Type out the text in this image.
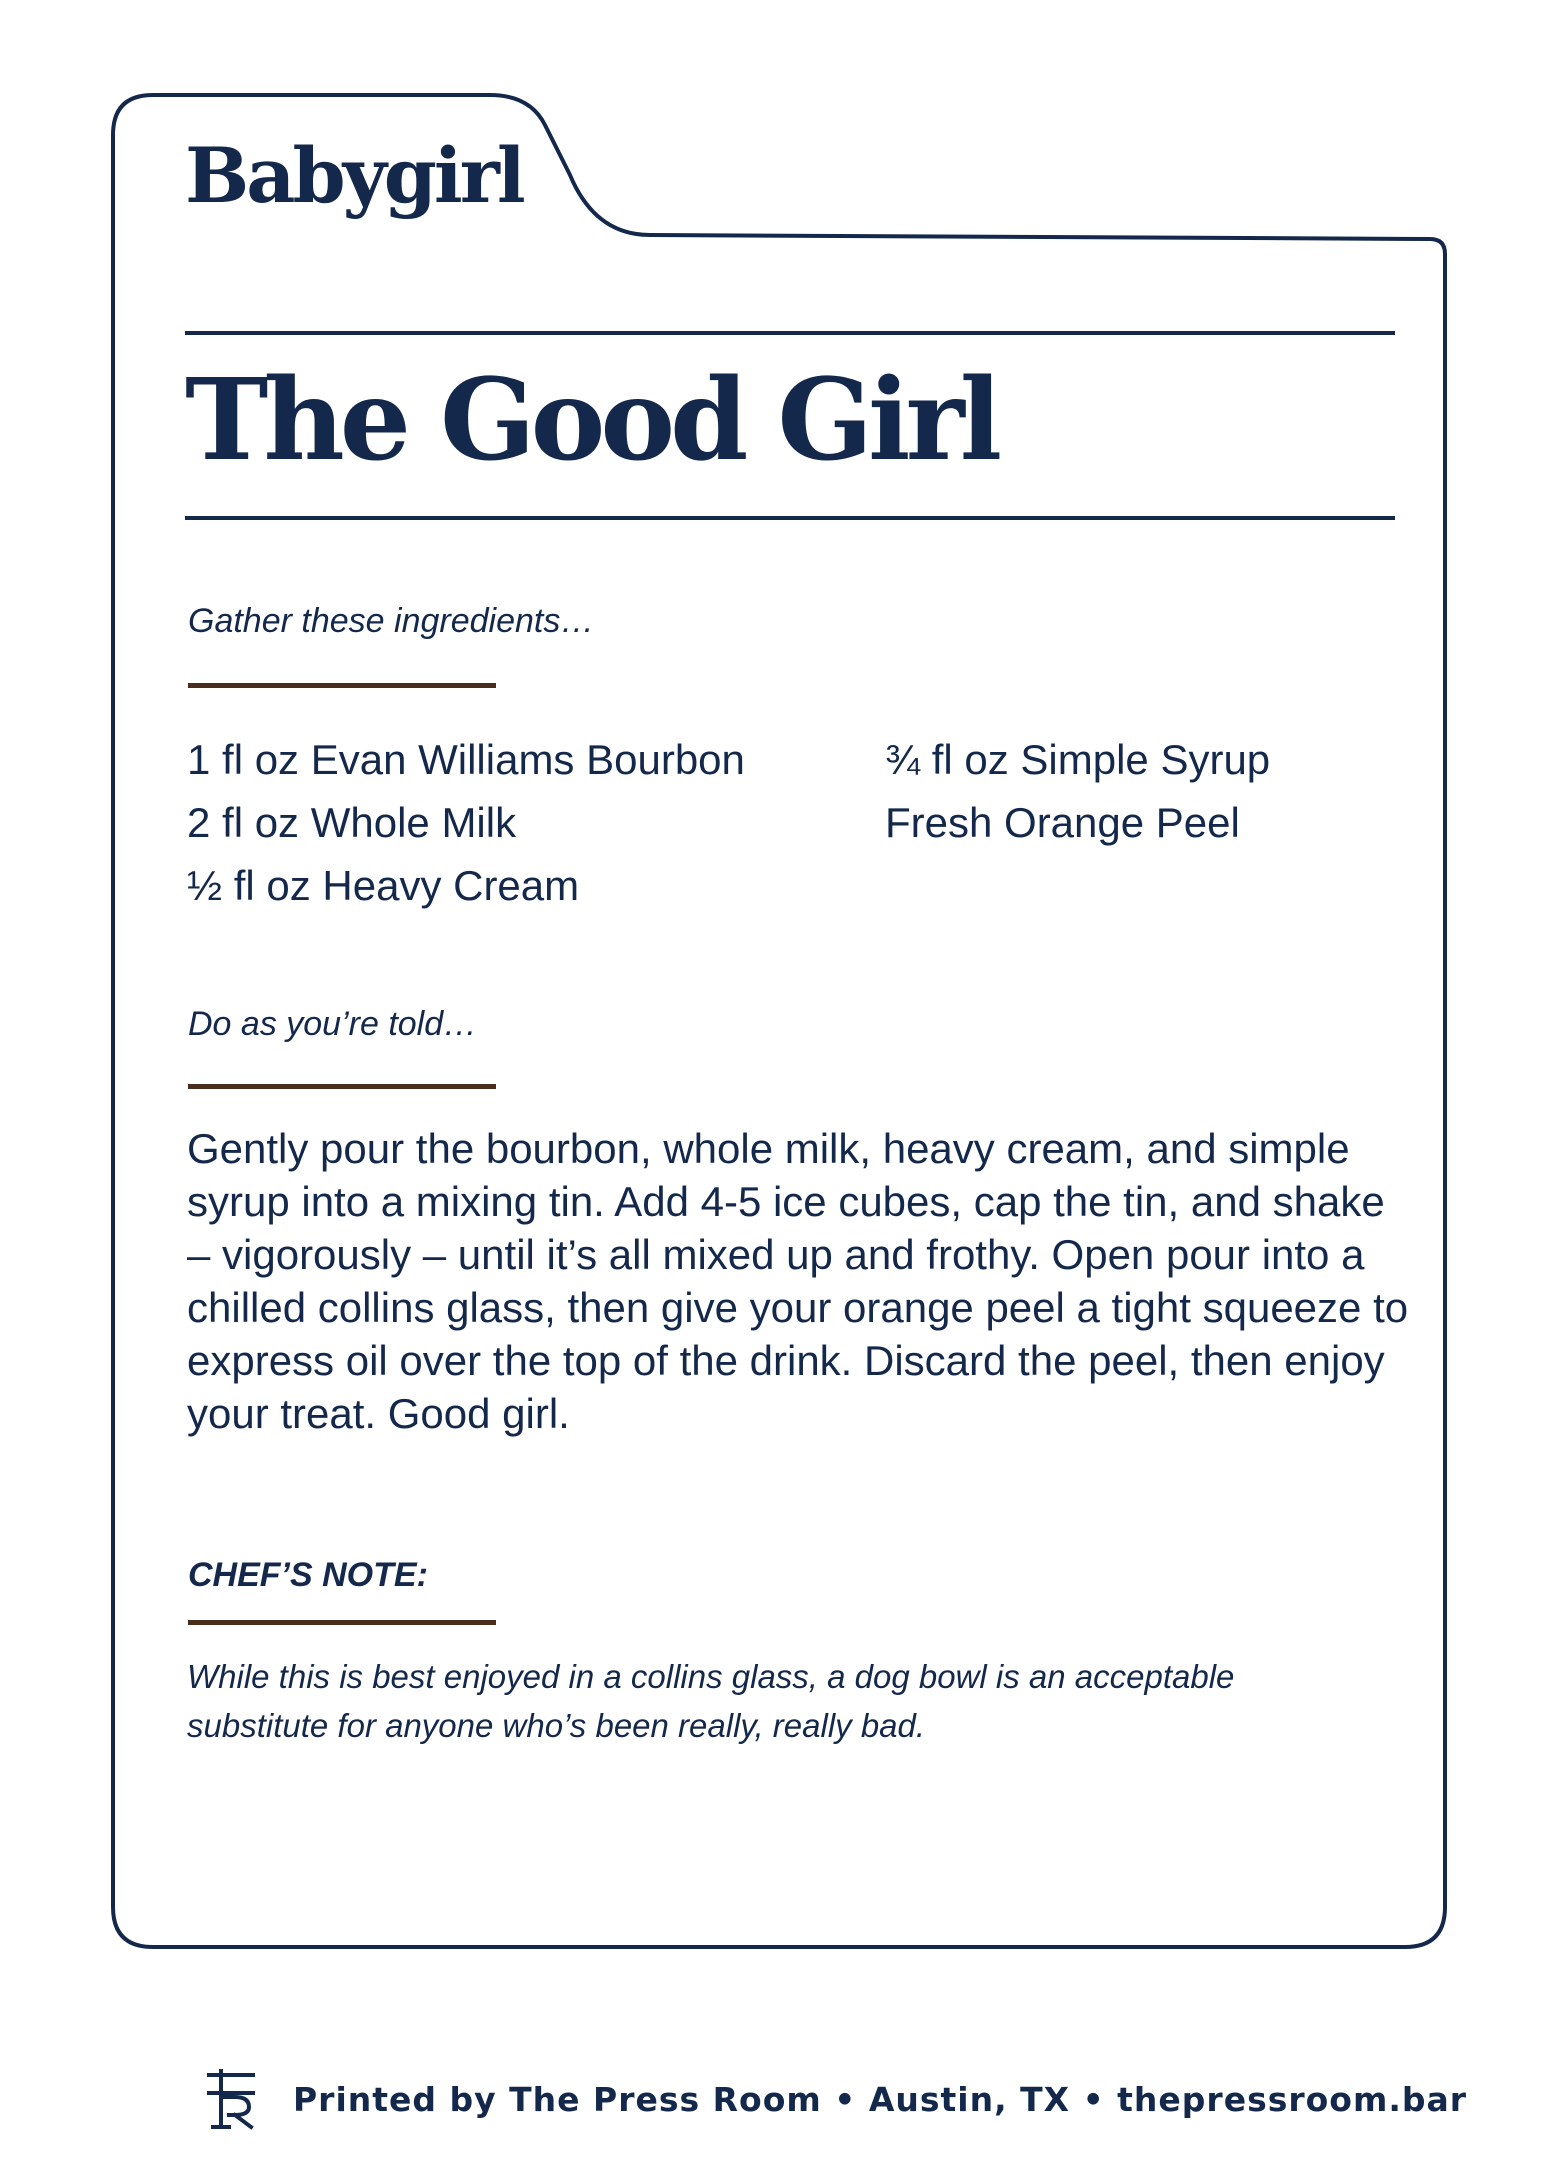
Babygirl
The Good Girl
Gather these ingredients…
1 fl oz Evan Williams Bourbon
2 fl oz Whole Milk
½ fl oz Heavy Cream
¾ fl oz Simple Syrup
Fresh Orange Peel
Do as you’re told…

Gently pour the bourbon, whole milk, heavy cream, and simple syrup into a mixing tin. Add 4-5 ice cubes, cap the tin, and shake – vigorously – until it’s all mixed up and frothy. Open pour into a chilled collins glass, then give your orange peel a tight squeeze to express oil over the top of the drink. Discard the peel, then enjoy your treat. Good girl.

CHEF’S NOTE:

While this is best enjoyed in a collins glass, a dog bowl is an acceptable substitute for anyone who’s been really, really bad.

Printed by The Press Room • Austin, TX • thepressroom.bar
